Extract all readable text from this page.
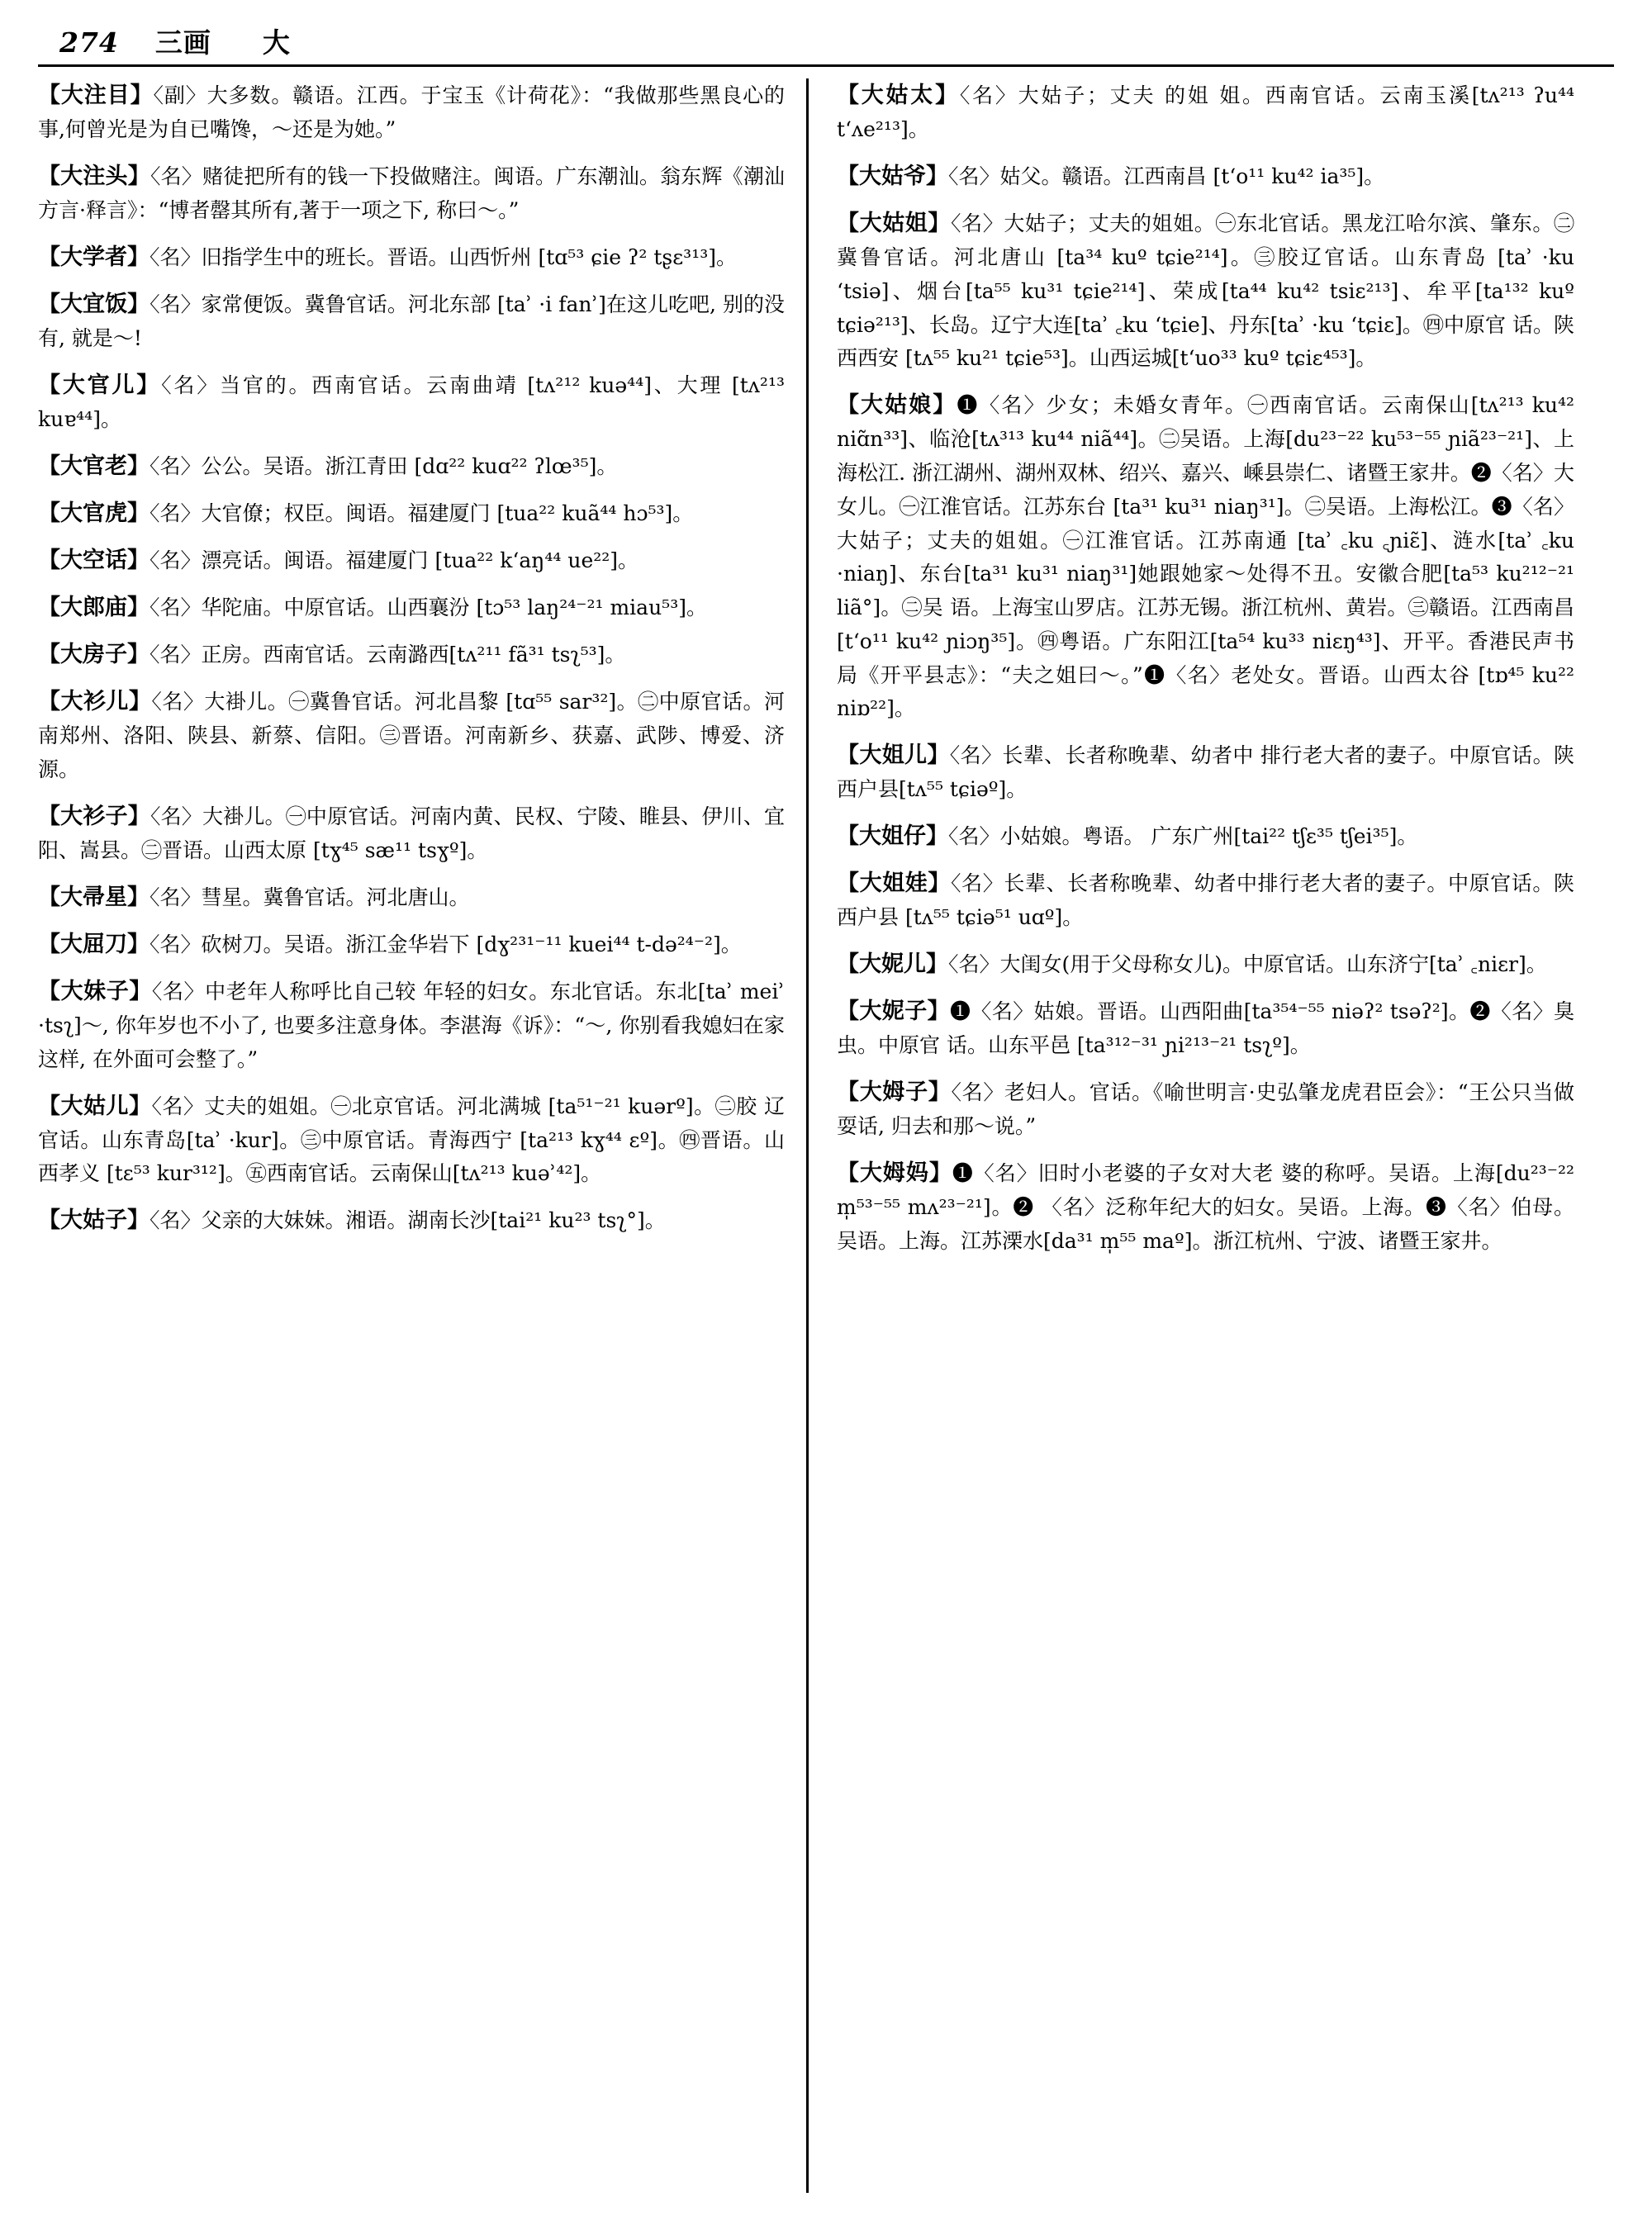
274 三画 大
【大注目】〈副〉大多数。赣语。江西。于宝玉《计荷花》：“我做那些黑良心的事,何曾光是为自已嘴馋，～还是为她。”
【大注头】〈名〉赌徒把所有的钱一下投做赌注。闽语。广东潮汕。翁东辉《潮汕方言·释言》：“博者罄其所有,著于一项之下, 称曰～。”
【大学者】〈名〉旧指学生中的班长。晋语。山西忻州 [tɑ⁵³ ɕie ʔ² tʂɛ³¹³]。
【大宜饭】〈名〉家常便饭。冀鲁官话。河北东部 [taʾ ·i fanʾ]在这儿吃吧, 别的没有, 就是～!
【大官儿】〈名〉当官的。西南官话。云南曲靖 [tʌ²¹² kuə⁴⁴]、大理 [tʌ²¹³ kuɐ⁴⁴]。
【大官老】〈名〉公公。吴语。浙江青田 [dɑ²² kuɑ²² ʔlœ³⁵]。
【大官虎】〈名〉大官僚；权臣。闽语。福建厦门 [tua²² kuã⁴⁴ hɔ⁵³]。
【大空话】〈名〉漂亮话。闽语。福建厦门 [tua²² kʻaŋ⁴⁴ ue²²]。
【大郎庙】〈名〉华陀庙。中原官话。山西襄汾 [tɔ⁵³ laŋ²⁴⁻²¹ miau⁵³]。
【大房子】〈名〉正房。西南官话。云南潞西[tʌ²¹¹ fã³¹ tsʅ⁵³]。
【大衫儿】〈名〉大褂儿。㊀冀鲁官话。河北昌黎 [tɑ⁵⁵ sar³²]。㊁中原官话。河南郑州、洛阳、陕县、新蔡、信阳。㊂晋语。河南新乡、获嘉、武陟、博爱、济源。
【大衫子】〈名〉大褂儿。㊀中原官话。河南内黄、民权、宁陵、睢县、伊川、宜阳、嵩县。㊁晋语。山西太原 [tɣ⁴⁵ sæ¹¹ tsɣº]。
【大帚星】〈名〉彗星。冀鲁官话。河北唐山。
【大屈刀】〈名〉砍树刀。吴语。浙江金华岩下 [dɣ²³¹⁻¹¹ kuei⁴⁴ t-də²⁴⁻²]。
【大妹子】〈名〉中老年人称呼比自己较 年轻的妇女。东北官话。东北[taʾ meiʾ ·tsʅ]～, 你年岁也不小了, 也要多注意身体。李湛海《诉》：“～, 你别看我媳妇在家这样, 在外面可会整了。”
【大姑儿】〈名〉丈夫的姐姐。㊀北京官话。河北满城 [ta⁵¹⁻²¹ kuərº]。㊁胶 辽官话。山东青岛[taʾ ·kur]。㊂中原官话。青海西宁 [ta²¹³ kɣ⁴⁴ ɛº]。㊃晋语。山西孝义 [tɛ⁵³ kur³¹²]。㊄西南官话。云南保山[tʌ²¹³ kuəʾ⁴²]。
【大姑子】〈名〉父亲的大妹妹。湘语。湖南长沙[tai²¹ ku²³ tsʅ°]。
【大姑太】〈名〉大姑子；丈夫 的姐 姐。西南官话。云南玉溪[tʌ²¹³ ʔu⁴⁴ tʻʌe²¹³]。
【大姑爷】〈名〉姑父。赣语。江西南昌 [tʻo¹¹ ku⁴² ia³⁵]。
【大姑姐】〈名〉大姑子；丈夫的姐姐。㊀东北官话。黑龙江哈尔滨、肇东。㊁冀鲁官话。河北唐山 [ta³⁴ kuº tɕie²¹⁴]。㊂胶辽官话。山东青岛 [taʾ ·ku ʻtsiə]、烟台[ta⁵⁵ ku³¹ tɕie²¹⁴]、荣成[ta⁴⁴ ku⁴² tsiɛ²¹³]、牟平[ta¹³² kuº tɕiə²¹³]、长岛。辽宁大连[taʾ ꜀ku ʻtɕie]、丹东[taʾ ·ku ʻtɕiɛ]。㊃中原官 话。陕西西安 [tʌ⁵⁵ ku²¹ tɕie⁵³]。山西运城[tʻuo³³ kuº tɕiɛ⁴⁵³]。
【大姑娘】❶〈名〉少女；未婚女青年。㊀西南官话。云南保山[tʌ²¹³ ku⁴² niɑ̃n³³]、临沧[tʌ³¹³ ku⁴⁴ niã⁴⁴]。㊁吴语。上海[du²³⁻²² ku⁵³⁻⁵⁵ ɲiã²³⁻²¹]、上海松江. 浙江湖州、湖州双林、绍兴、嘉兴、嵊县崇仁、诸暨王家井。❷〈名〉大女儿。㊀江淮官话。江苏东台 [ta³¹ ku³¹ niaŋ³¹]。㊁吴语。上海松江。❸〈名〉大姑子；丈夫的姐姐。㊀江淮官话。江苏南通 [taʾ ꜀ku ꜀ɲiɛ̃]、涟水[taʾ ꜀ku ·niaŋ]、东台[ta³¹ ku³¹ niaŋ³¹]她跟她家～处得不丑。安徽合肥[ta⁵³ ku²¹²⁻²¹ liã°]。㊁吴 语。上海宝山罗店。江苏无锡。浙江杭州、黄岩。㊂赣语。江西南昌 [tʻo¹¹ ku⁴² ɲiɔŋ³⁵]。㊃粤语。广东阳江[ta⁵⁴ ku³³ niɛŋ⁴³]、开平。香港民声书局《开平县志》：“夫之姐曰～。”❶〈名〉老处女。晋语。山西太谷 [tɒ⁴⁵ ku²² niɒ²²]。
【大姐儿】〈名〉长辈、长者称晚辈、幼者中 排行老大者的妻子。中原官话。陕西户县[tʌ⁵⁵ tɕiəº]。
【大姐仔】〈名〉小姑娘。粤语。 广东广州[tai²² tʃɛ³⁵ tʃei³⁵]。
【大姐娃】〈名〉长辈、长者称晚辈、幼者中排行老大者的妻子。中原官话。陕西户县 [tʌ⁵⁵ tɕiə⁵¹ uɑº]。
【大妮儿】〈名〉大闺女(用于父母称女儿)。中原官话。山东济宁[taʾ ꜀niɛr]。
【大妮子】❶〈名〉姑娘。晋语。山西阳曲[ta³⁵⁴⁻⁵⁵ niəʔ² tsəʔ²]。❷〈名〉臭虫。中原官 话。山东平邑 [ta³¹²⁻³¹ ɲi²¹³⁻²¹ tsʅº]。
【大姆子】〈名〉老妇人。官话。《喻世明言·史弘肇龙虎君臣会》：“王公只当做耍话, 归去和那～说。”
【大姆妈】❶〈名〉旧时小老婆的子女对大老 婆的称呼。吴语。上海[du²³⁻²² m̩⁵³⁻⁵⁵ mʌ²³⁻²¹]。❷ 〈名〉泛称年纪大的妇女。吴语。上海。❸〈名〉伯母。吴语。上海。江苏溧水[da³¹ m̩⁵⁵ maº]。浙江杭州、宁波、诸暨王家井。
